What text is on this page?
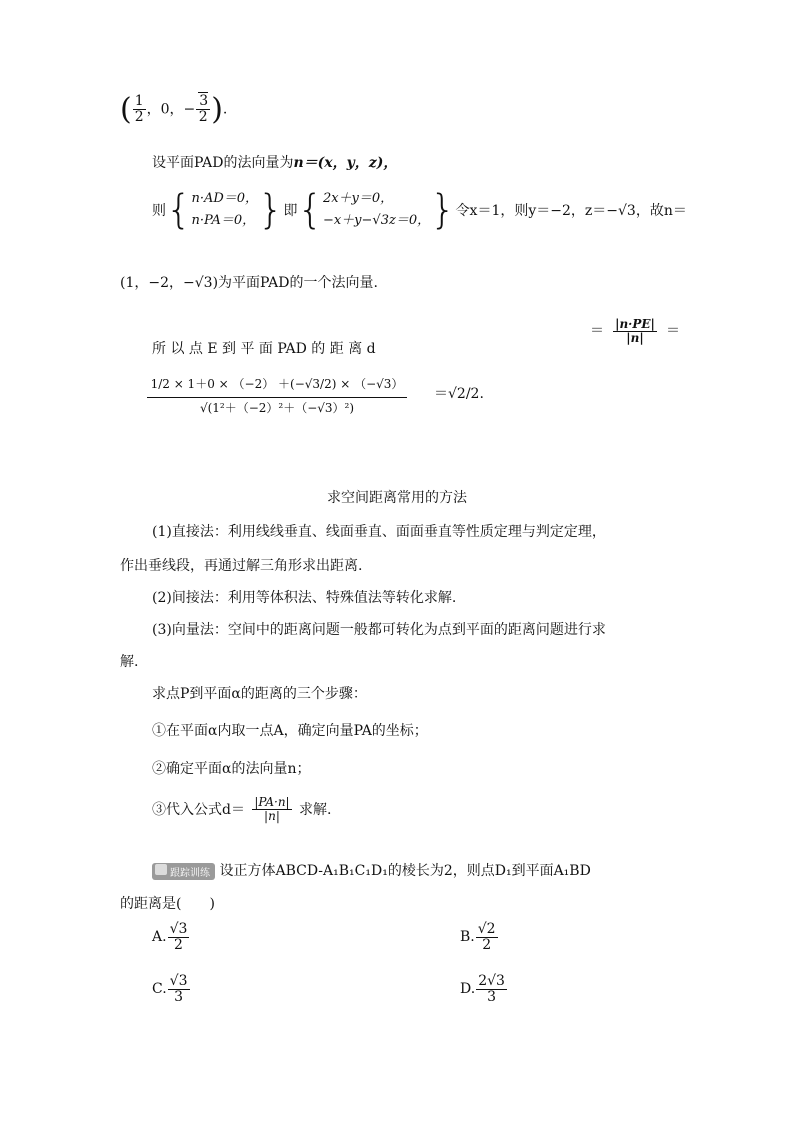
( $\frac{1}{2}$ ，0，− $\frac{3}{2}$ ).
设平面PAD的法向量为n＝(x，y，z)，
则{ n·AD＝0，
n·PA＝0， }即{ 2x＋y＝0，
−x＋y−√3z＝0， }令x＝1，则y＝−2，z＝−√3，故n＝
(1，−2，−√3)为平面PAD的一个法向量.
所 以 点 E 到 平 面 PAD 的 距 离 d
＝ $\frac{|n\cdot PE|}{|n|}$ ＝
$\frac{1/2 \times 1+0 \times (-2) +(-√3/2) \times (-√3)}{\text{√(1²＋（−2）²＋（−√3）²)}} =√2/2$.
求空间距离常用的方法
(1)直接法：利用线线垂直、线面垂直、面面垂直等性质定理与判定定理，
作出垂线段，再通过解三角形求出距离.
(2)间接法：利用等体积法、特殊值法等转化求解.
(3)向量法：空间中的距离问题一般都可转化为点到平面的距离问题进行求
解.
求点P到平面α的距离的三个步骤：
①在平面α内取一点A，确定向量PA的坐标；
②确定平面α的法向量n；
③代入公式$d= \frac{|PA\cdot n|}{|n|}$ 求解.
跟踪训练 设正方体ABCD-A₁B₁C₁D₁的棱长为2，则点D₁到平面A₁BD
的距离是(　　)
A. $\frac{√3}{2}$	B. $\frac{√2}{2}$
C. $\frac{√3}{3}$	D. $\frac{2√3}{3}$
